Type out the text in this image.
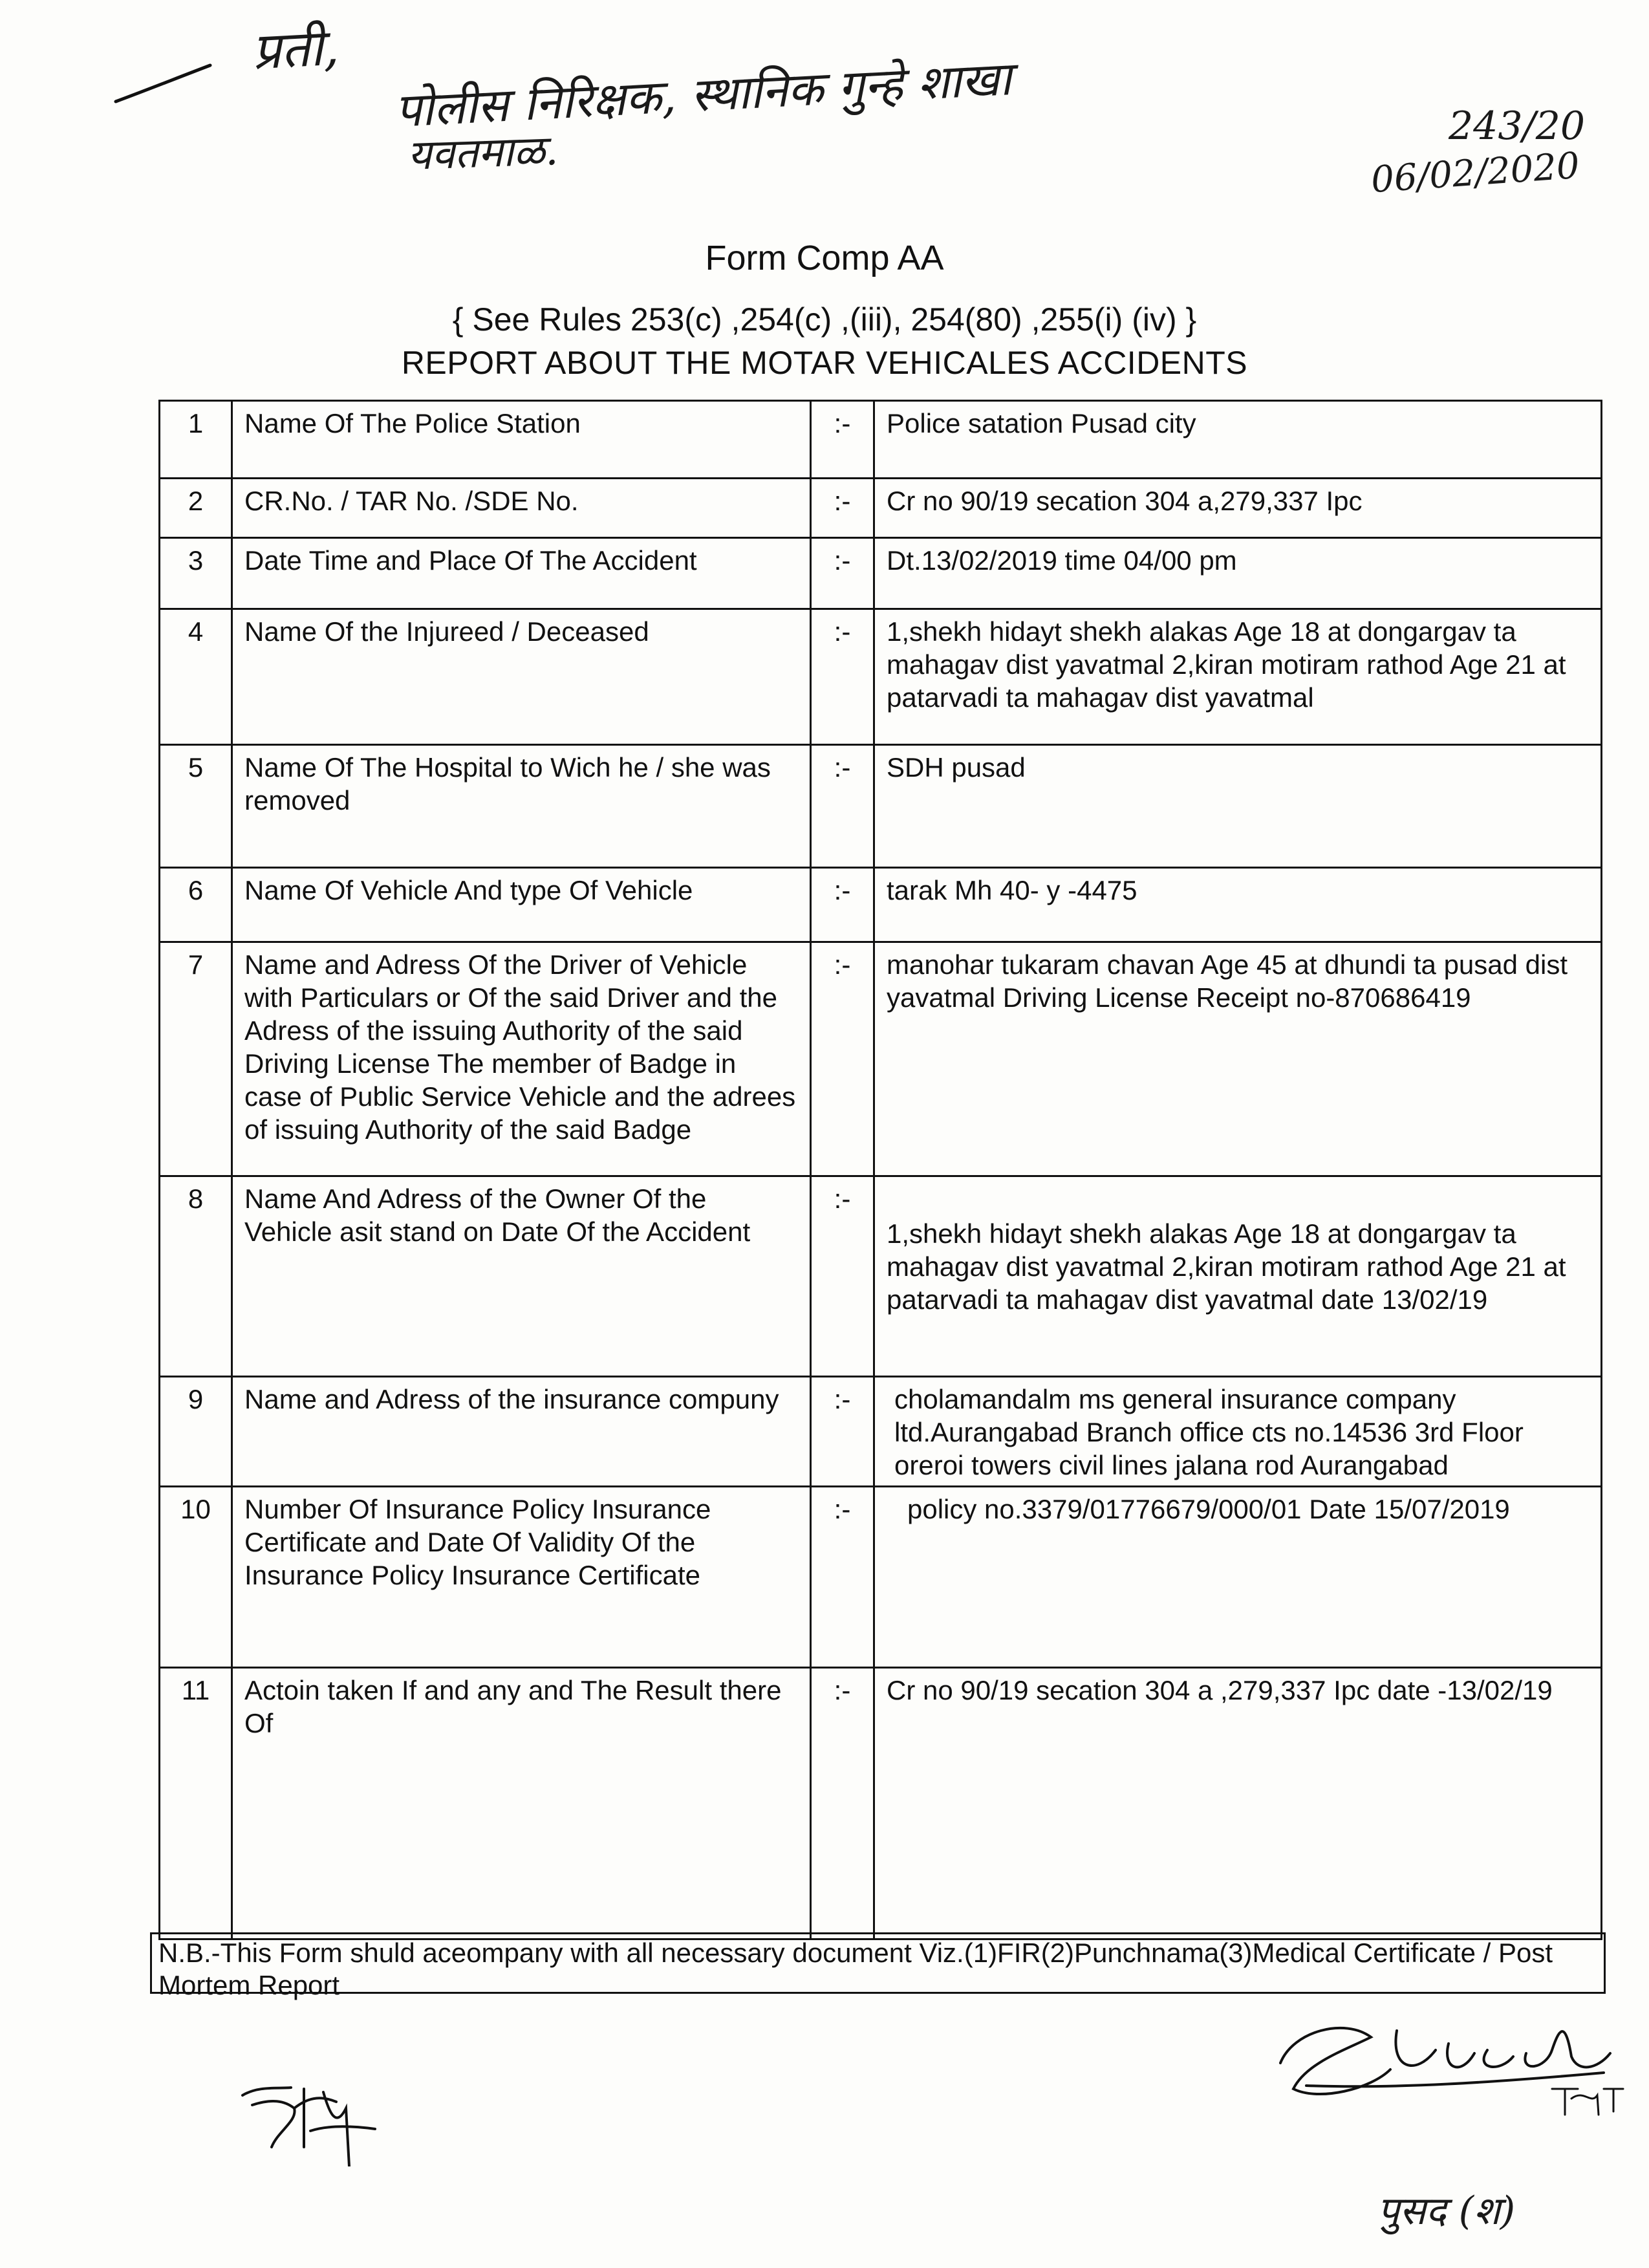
प्रती,
पोलीस निरिक्षक, स्थानिक गुन्हे शाखा
यवतमाळ.
243/20
06/02/2020
Form Comp AA
{ See Rules 253(c) ,254(c) ,(iii), 254(80) ,255(i) (iv) }
REPORT ABOUT THE MOTAR VEHICALES ACCIDENTS
1	Name Of The Police Station	:-	Police satation Pusad city
2	CR.No. / TAR No. /SDE No.	:-	Cr no 90/19 secation 304 a,279,337 Ipc
3	Date Time and Place Of The Accident	:-	Dt.13/02/2019 time 04/00 pm
4	Name Of the Injureed / Deceased	:-	1,shekh hidayt shekh alakas Age 18 at dongargav ta mahagav dist yavatmal 2,kiran motiram rathod Age 21 at patarvadi ta mahagav dist yavatmal
5	Name Of The Hospital to Wich he / she was removed	:-	SDH pusad
6	Name Of Vehicle And type Of Vehicle	:-	tarak Mh 40- y -4475
7	Name and Adress Of the Driver of Vehicle with Particulars or Of the said Driver and the Adress of the issuing Authority of the said Driving License The member of Badge in case of Public Service Vehicle and the adrees of issuing Authority of the said Badge	:-	manohar tukaram chavan Age 45 at dhundi ta pusad dist yavatmal Driving License Receipt no-870686419
8	Name And Adress of the Owner Of the Vehicle asit stand on Date Of the Accident	:-	1,shekh hidayt shekh alakas Age 18 at dongargav ta mahagav dist yavatmal 2,kiran motiram rathod Age 21 at patarvadi ta mahagav dist yavatmal date 13/02/19
9	Name and Adress of the insurance compuny	:-	cholamandalm ms general insurance company ltd.Aurangabad Branch office cts no.14536 3rd Floor oreroi towers civil lines jalana rod Aurangabad
10	Number Of Insurance Policy Insurance Certificate and Date Of Validity Of the Insurance Policy Insurance Certificate	:-	policy no.3379/01776679/000/01 Date 15/07/2019
11	Actoin taken If and any and The Result there Of	:-	Cr no 90/19 secation 304 a ,279,337 Ipc date -13/02/19
N.B.-This Form shuld aceompany with all necessary document Viz.(1)FIR(2)Punchnama(3)Medical Certificate / Post Mortem Report
पुसद (श)
